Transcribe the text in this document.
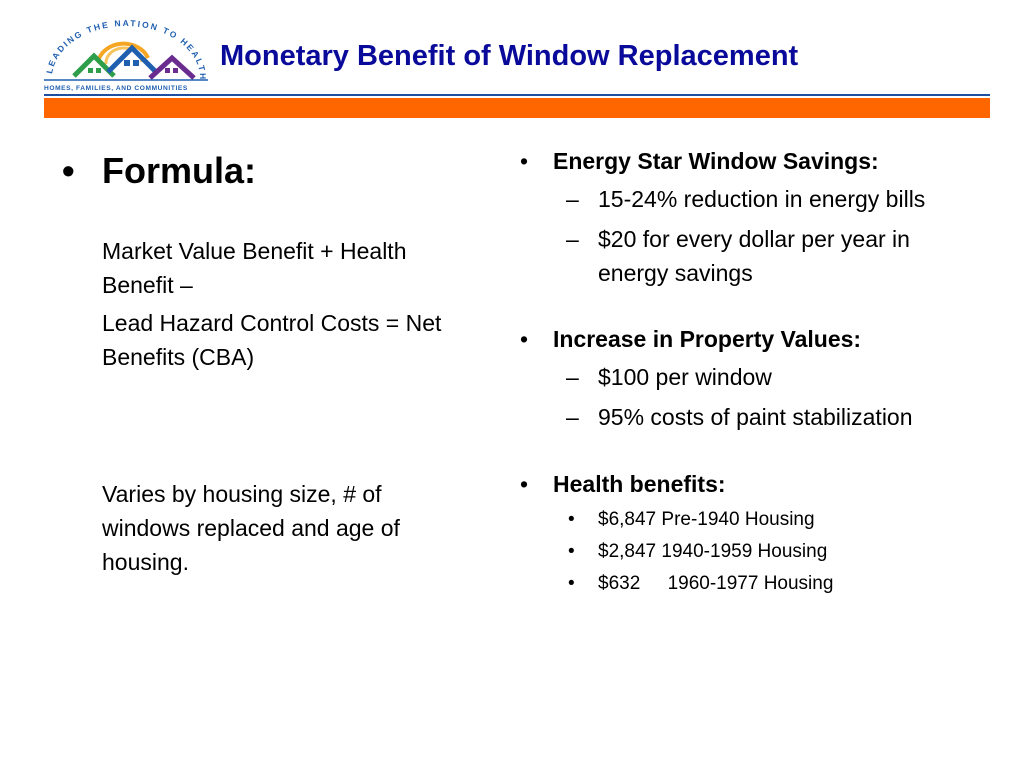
LEADING THE NATION TO HEALTH
HOMES, FAMILIES, AND COMMUNITIES
Monetary Benefit of Window Replacement
• Formula:
Market Value Benefit + Health Benefit –
Lead Hazard Control Costs = Net Benefits (CBA)
Varies by housing size, # of windows replaced and age of housing.
• Energy Star Window Savings:
– 15-24% reduction in energy bills
– $20 for every dollar per year in energy savings
• Increase in Property Values:
– $100 per window
– 95% costs of paint stabilization
• Health benefits:
• $6,847 Pre-1940 Housing
• $2,847 1940-1959 Housing
• $632 1960-1977 Housing
